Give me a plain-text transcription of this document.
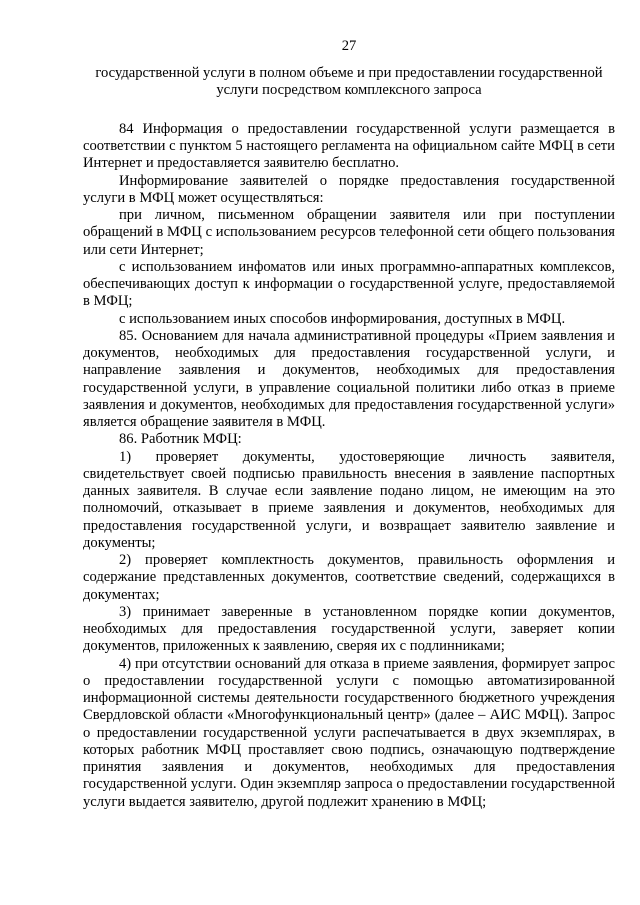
27

государственной услуги в полном объеме и при предоставлении государственной услуги посредством комплексного запроса

84 Информация о предоставлении государственной услуги размещается в соответствии с пунктом 5 настоящего регламента на официальном сайте МФЦ в сети Интернет и предоставляется заявителю бесплатно.

Информирование заявителей о порядке предоставления государственной услуги в МФЦ может осуществляться:

при личном, письменном обращении заявителя или при поступлении обращений в МФЦ с использованием ресурсов телефонной сети общего пользования или сети Интернет;

с использованием инфоматов или иных программно-аппаратных комплексов, обеспечивающих доступ к информации о государственной услуге, предоставляемой в МФЦ;

с использованием иных способов информирования, доступных в МФЦ.

85. Основанием для начала административной процедуры «Прием заявления и документов, необходимых для предоставления государственной услуги, и направление заявления и документов, необходимых для предоставления государственной услуги, в управление социальной политики либо отказ в приеме заявления и документов, необходимых для предоставления государственной услуги» является обращение заявителя в МФЦ.

86. Работник МФЦ:

1) проверяет документы, удостоверяющие личность заявителя, свидетельствует своей подписью правильность внесения в заявление паспортных данных заявителя. В случае если заявление подано лицом, не имеющим на это полномочий, отказывает в приеме заявления и документов, необходимых для предоставления государственной услуги, и возвращает заявителю заявление и документы;

2) проверяет комплектность документов, правильность оформления и содержание представленных документов, соответствие сведений, содержащихся в документах;

3) принимает заверенные в установленном порядке копии документов, необходимых для предоставления государственной услуги, заверяет копии документов, приложенных к заявлению, сверяя их с подлинниками;

4) при отсутствии оснований для отказа в приеме заявления, формирует запрос о предоставлении государственной услуги с помощью автоматизированной информационной системы деятельности государственного бюджетного учреждения Свердловской области «Многофункциональный центр» (далее – АИС МФЦ). Запрос о предоставлении государственной услуги распечатывается в двух экземплярах, в которых работник МФЦ проставляет свою подпись, означающую подтверждение принятия заявления и документов, необходимых для предоставления государственной услуги. Один экземпляр запроса о предоставлении государственной услуги выдается заявителю, другой подлежит хранению в МФЦ;
